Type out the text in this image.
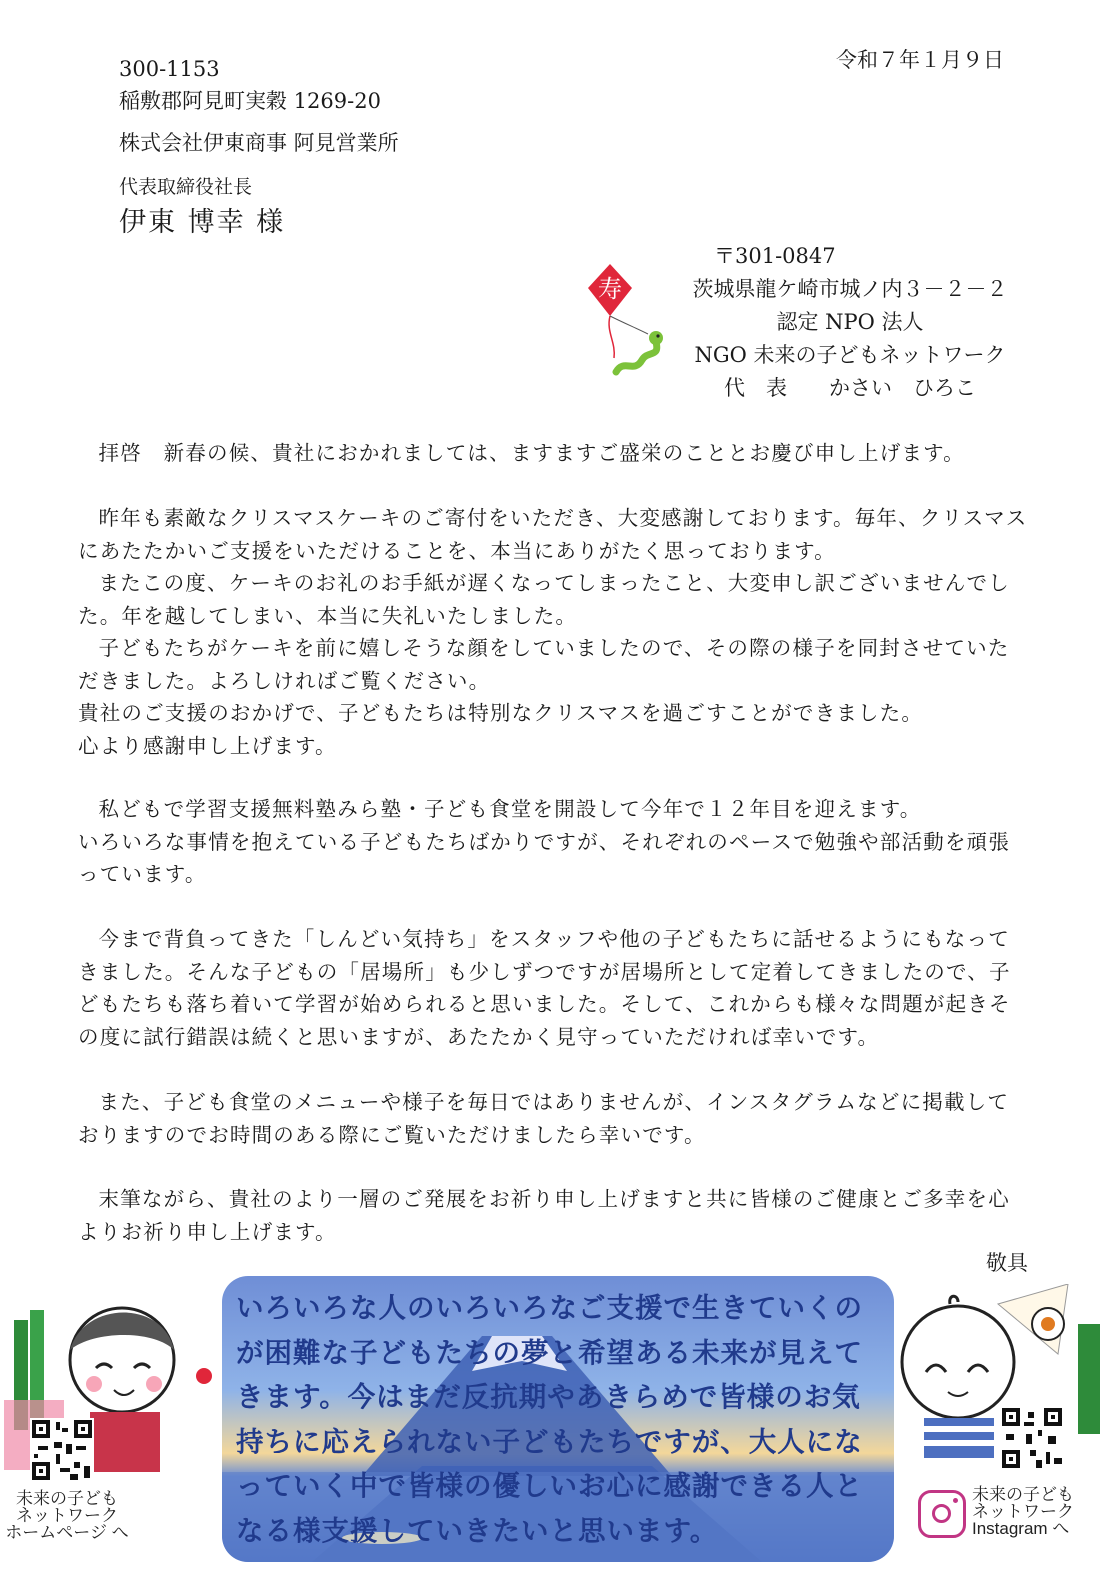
令和７年１月９日
300-1153
稲敷郡阿見町実穀 1269-20
株式会社伊東商事 阿見営業所
代表取締役社長
伊東 博幸 様
寿
〒301-0847
茨城県龍ケ崎市城ノ内３－２－２
認定 NPO 法人
NGO 未来の子どもネットワーク
代　表　　かさい　ひろこ

拝啓　新春の候、貴社におかれましては、ますますご盛栄のこととお慶び申し上げます。

昨年も素敵なクリスマスケーキのご寄付をいただき、大変感謝しております。毎年、クリスマスにあたたかいご支援をいただけることを、本当にありがたく思っております。

またこの度、ケーキのお礼のお手紙が遅くなってしまったこと、大変申し訳ございませんでした。年を越してしまい、本当に失礼いたしました。

子どもたちがケーキを前に嬉しそうな顔をしていましたので、その際の様子を同封させていただきました。よろしければご覧ください。

貴社のご支援のおかげで、子どもたちは特別なクリスマスを過ごすことができました。

心より感謝申し上げます。

私どもで学習支援無料塾みら塾・子ども食堂を開設して今年で１２年目を迎えます。

いろいろな事情を抱えている子どもたちばかりですが、それぞれのペースで勉強や部活動を頑張っています。

今まで背負ってきた「しんどい気持ち」をスタッフや他の子どもたちに話せるようにもなってきました。そんな子どもの「居場所」も少しずつですが居場所として定着してきましたので、子どもたちも落ち着いて学習が始められると思いました。そして、これからも様々な問題が起きその度に試行錯誤は続くと思いますが、あたたかく見守っていただければ幸いです。

また、子ども食堂のメニューや様子を毎日ではありませんが、インスタグラムなどに掲載しておりますのでお時間のある際にご覧いただけましたら幸いです。

末筆ながら、貴社のより一層のご発展をお祈り申し上げますと共に皆様のご健康とご多幸を心よりお祈り申し上げます。

敬具
いろいろな人のいろいろなご支援で生きていくのが困難な子どもたちの夢と希望ある未来が見えてきます。今はまだ反抗期やあきらめで皆様のお気持ちに応えられない子どもたちですが、大人になっていく中で皆様の優しいお心に感謝できる人となる様支援していきたいと思います。
未来の子ども
ネットワーク
ホームページ へ
未来の子ども
ネットワーク
Instagram へ
